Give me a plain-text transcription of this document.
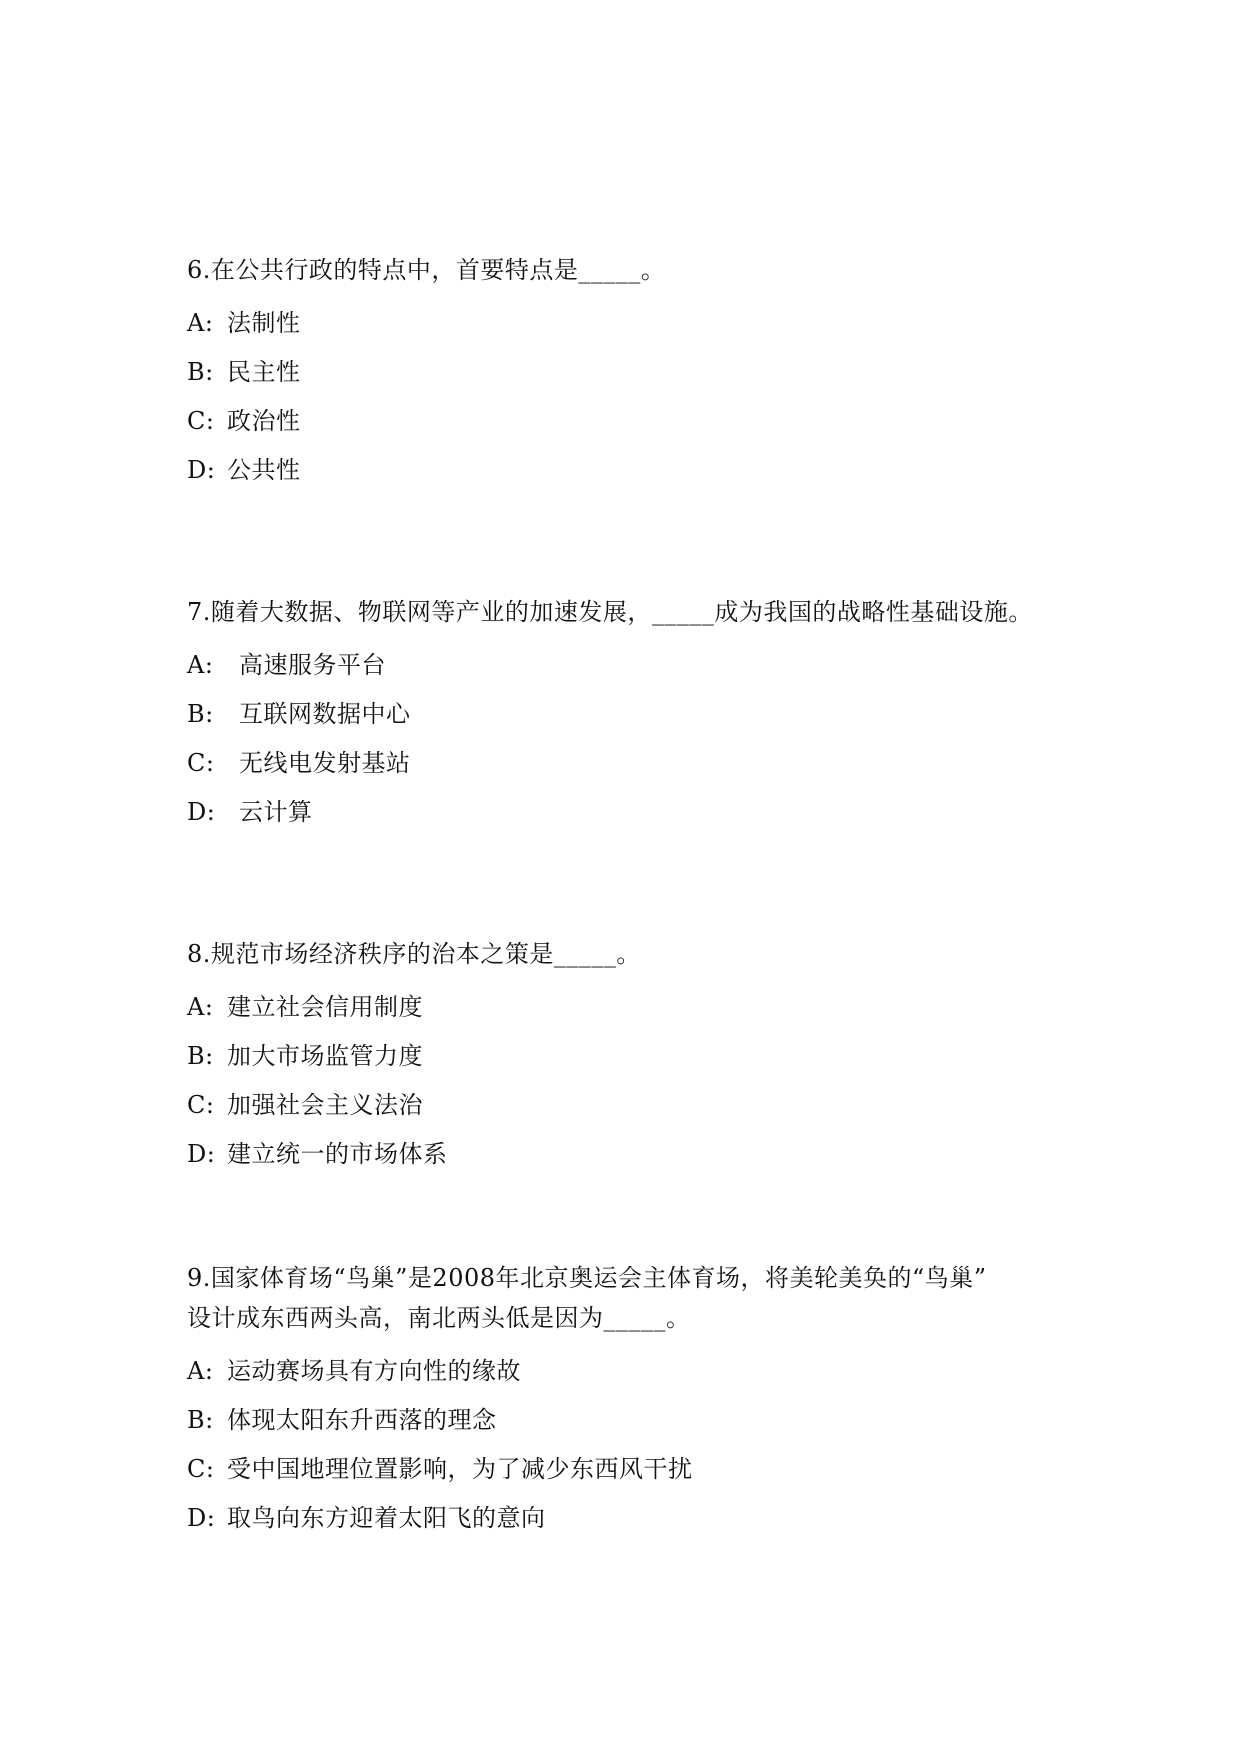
6.在公共行政的特点中，首要特点是_____。
A: 法制性
B: 民主性
C: 政治性
D: 公共性
7.随着大数据、物联网等产业的加速发展，_____成为我国的战略性基础设施。
A:	高速服务平台
B:	互联网数据中心
C:	无线电发射基站
D: 云计算
8.规范市场经济秩序的治本之策是_____。
A: 建立社会信用制度
B: 加大市场监管力度
C: 加强社会主义法治
D: 建立统一的市场体系
9.国家体育场“鸟巢”是2008年北京奥运会主体育场，将美轮美奂的“鸟巢”
设计成东西两头高，南北两头低是因为_____。
A: 运动赛场具有方向性的缘故
B: 体现太阳东升西落的理念
C: 受中国地理位置影响，为了减少东西风干扰
D: 取鸟向东方迎着太阳飞的意向
